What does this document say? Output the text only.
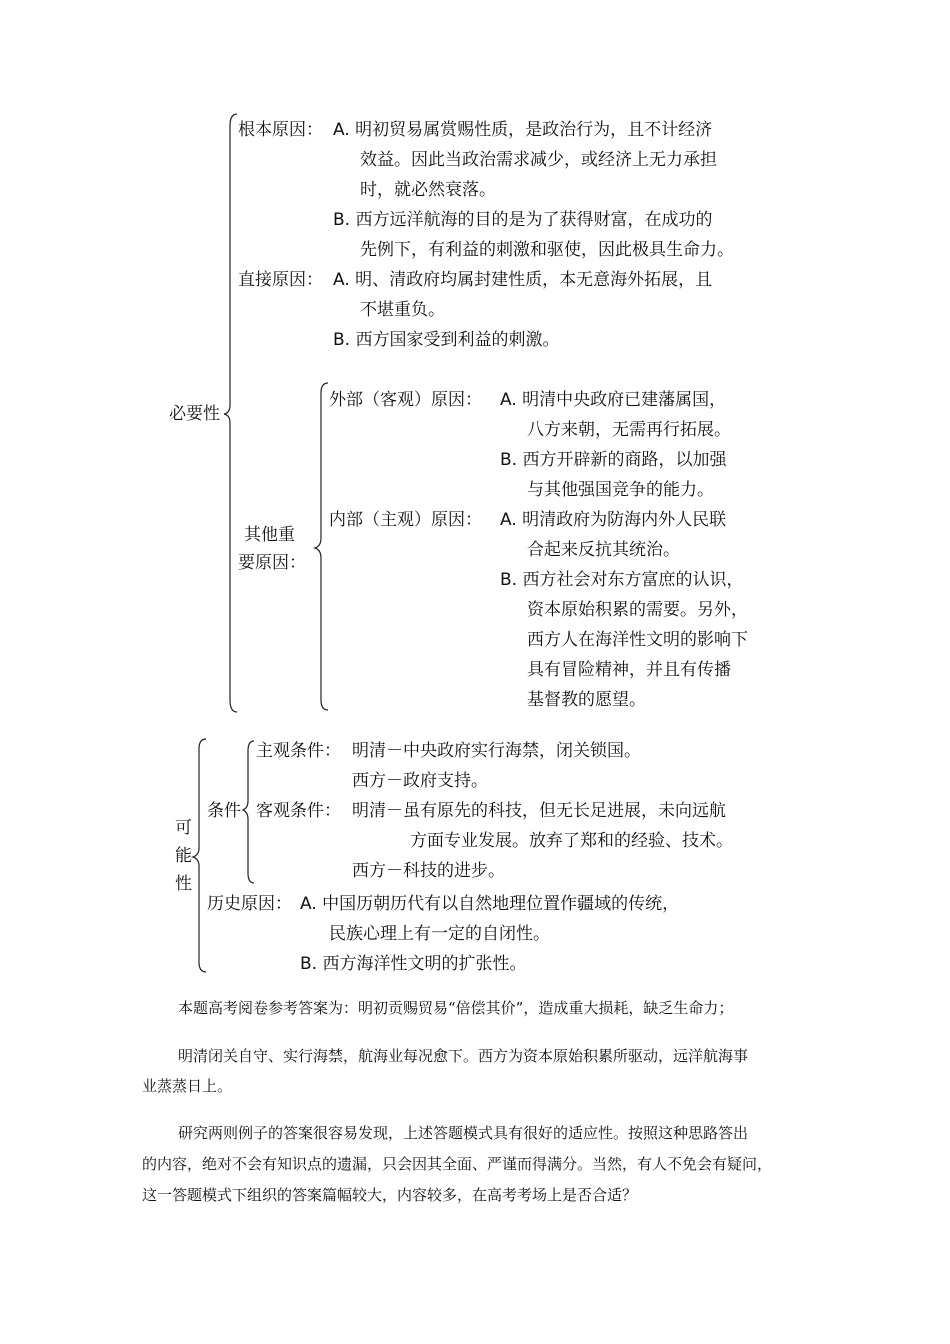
必要性
根本原因： A. 明初贸易属赏赐性质，是政治行为，且不计经济
效益。因此当政治需求减少，或经济上无力承担
时，就必然衰落。
B. 西方远洋航海的目的是为了获得财富，在成功的
先例下，有利益的刺激和驱使，因此极具生命力。
直接原因： A. 明、清政府均属封建性质，本无意海外拓展，且
不堪重负。
B. 西方国家受到利益的刺激。
其他重
要原因：
外部（客观）原因： A. 明清中央政府已建藩属国，
八方来朝，无需再行拓展。
B. 西方开辟新的商路，以加强
与其他强国竞争的能力。
内部（主观）原因： A. 明清政府为防海内外人民联
合起来反抗其统治。
B. 西方社会对东方富庶的认识，
资本原始积累的需要。另外，
西方人在海洋性文明的影响下
具有冒险精神，并且有传播
基督教的愿望。
可
能
性
条件
主观条件： 明清－中央政府实行海禁，闭关锁国。
西方－政府支持。
客观条件： 明清－虽有原先的科技，但无长足进展，未向远航
方面专业发展。放弃了郑和的经验、技术。
西方－科技的进步。
历史原因： A. 中国历朝历代有以自然地理位置作疆域的传统，
民族心理上有一定的自闭性。
B. 西方海洋性文明的扩张性。
本题高考阅卷参考答案为：明初贡赐贸易“倍偿其价”，造成重大损耗，缺乏生命力；
明清闭关自守、实行海禁，航海业每况愈下。西方为资本原始积累所驱动，远洋航海事
业蒸蒸日上。
研究两则例子的答案很容易发现，上述答题模式具有很好的适应性。按照这种思路答出
的内容，绝对不会有知识点的遗漏，只会因其全面、严谨而得满分。当然，有人不免会有疑问，
这一答题模式下组织的答案篇幅较大，内容较多，在高考考场上是否合适？
